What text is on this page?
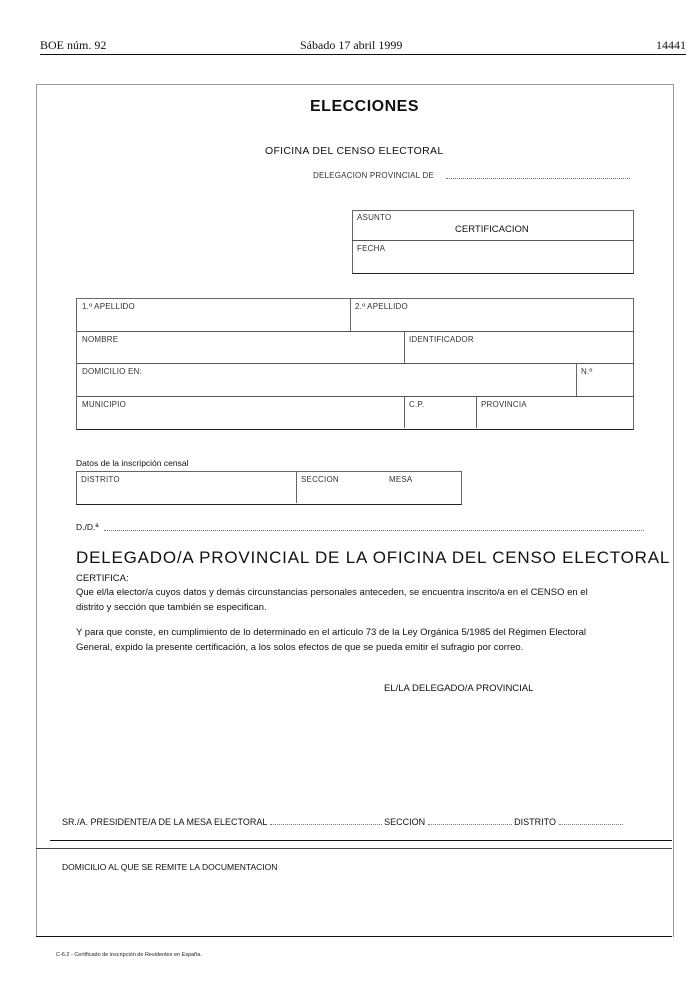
BOE núm. 92	Sábado 17 abril 1999	14441
ELECCIONES
OFICINA DEL CENSO ELECTORAL
DELEGACION PROVINCIAL DE
ASUNTO
CERTIFICACION
FECHA
1.º APELLIDO	2.º APELLIDO
NOMBRE	IDENTIFICADOR
DOMICILIO EN:	N.º
MUNICIPIO	C.P.	PROVINCIA
Datos de la inscripción censal
DISTRITO	SECCION	MESA
D./D.ª
DELEGADO/A PROVINCIAL DE LA OFICINA DEL CENSO ELECTORAL
CERTIFICA:
Que el/la elector/a cuyos datos y demás circunstancias personales anteceden, se encuentra inscrito/a en el CENSO en el
distrito y sección que también se especifican.
Y para que conste, en cumplimiento de lo determinado en el artículo 73 de la Ley Orgánica 5/1985 del Régimen Electoral
General, expido la presente certificación, a los solos efectos de que se pueda emitir el sufragio por correo.
EL/LA DELEGADO/A PROVINCIAL
SR./A. PRESIDENTE/A DE LA MESA ELECTORAL	SECCION	DISTRITO
DOMICILIO AL QUE SE REMITE LA DOCUMENTACION
C-6.2 - Certificado de inscripción de Residentes en España.
